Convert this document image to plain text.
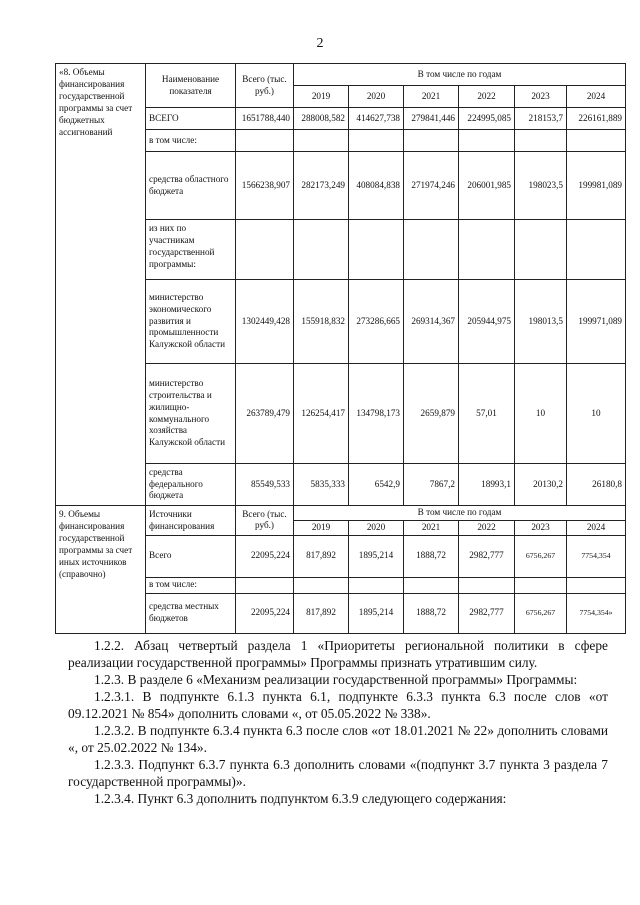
2
«8. Объемы финансирования государственной программы за счет бюджетных ассигнований	Наименование показателя	Всего (тыс. руб.)	В том числе по годам					
			2019	2020	2021	2022	2023	2024
	ВСЕГО	1651788,440	288008,582	414627,738	279841,446	224995,085	218153,7	226161,889
	в том числе:							
	средства областного бюджета	1566238,907	282173,249	408084,838	271974,246	206001,985	198023,5	199981,089
	из них по участникам государственной программы:							
	министерство экономического развития и промышленности Калужской области	1302449,428	155918,832	273286,665	269314,367	205944,975	198013,5	199971,089
	министерство строительства и жилищно-коммунального хозяйства Калужской области	263789,479	126254,417	134798,173	2659,879	57,01	10	10
	средства федерального бюджета	85549,533	5835,333	6542,9	7867,2	18993,1	20130,2	26180,8
9. Объемы финансирования государственной программы за счет иных источников (справочно)	Источники финансирования	Всего (тыс. руб.)	В том числе по годам					
			2019	2020	2021	2022	2023	2024
	Всего	22095,224	817,892	1895,214	1888,72	2982,777	6756,267	7754,354
	в том числе:							
	средства местных бюджетов	22095,224	817,892	1895,214	1888,72	2982,777	6756,267	7754,354»

1.2.2. Абзац четвертый раздела 1 «Приоритеты региональной политики в сфере реализации государственной программы» Программы признать утратившим силу.

1.2.3. В разделе 6 «Механизм реализации государственной программы» Программы:

1.2.3.1. В подпункте 6.1.3 пункта 6.1, подпункте 6.3.3 пункта 6.3 после слов «от 09.12.2021 № 854» дополнить словами «, от 05.05.2022 № 338».

1.2.3.2. В подпункте 6.3.4 пункта 6.3 после слов «от 18.01.2021 № 22» дополнить словами «, от 25.02.2022 № 134».

1.2.3.3. Подпункт 6.3.7 пункта 6.3 дополнить словами «(подпункт 3.7 пункта 3 раздела 7 государственной программы)».

1.2.3.4. Пункт 6.3 дополнить подпунктом 6.3.9 следующего содержания:
